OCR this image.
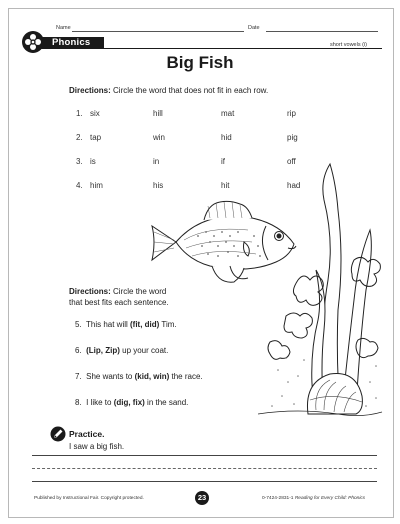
Name	Date
Phonics	short vowels (i)
Big Fish
Directions: Circle the word that does not fit in each row.
1. six	hill	mat	rip
2. tap	win	hid	pig
3. is	in	if	off
4. him	his	hit	had
Directions: Circle the word
that best fits each sentence.
5. This hat will (fit, did) Tim.
6. (Lip, Zip) up your coat.
7. She wants to (kid, win) the race.
8. I like to (dig, fix) in the sand.
Practice.
I saw a big fish.
Published by Instructional Fair. Copyright protected.	23	0-7424-2831-1 Reading for Every Child: Phonics
